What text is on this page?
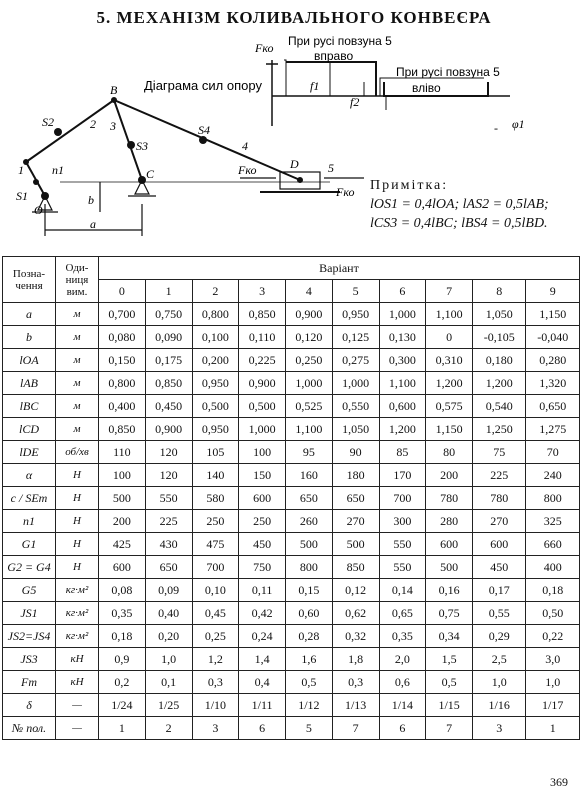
5. МЕХАНІЗМ КОЛИВАЛЬНОГО КОНВЕЄРА
Діаграма сил опору
Fко При русі повзуна 5
вправо
При русі повзуна 5
вліво
f1
f2
- φ1
B
S2	2 3
S3
S4
4
D 5
n1
S1
O
C
b
a
1	Fко
Fко Примітка:
lOS1 = 0,4lOA; lAS2 = 0,5lAB;
lCS3 = 0,4lBC; lBS4 = 0,5lBD.
Позна-чення	Оди-ниця вим.	Варіант									
		0	1	2	3	4	5	6	7	8	9
a	м	0,700	0,750	0,800	0,850	0,900	0,950	1,000	1,100	1,050	1,150
b	м	0,080	0,090	0,100	0,110	0,120	0,125	0,130	0	-0,105	-0,040
lOA	м	0,150	0,175	0,200	0,225	0,250	0,275	0,300	0,310	0,180	0,280
lAB	м	0,800	0,850	0,950	0,900	1,000	1,000	1,100	1,200	1,200	1,320
lBC	м	0,400	0,450	0,500	0,500	0,525	0,550	0,600	0,575	0,540	0,650
lCD	м	0,850	0,900	0,950	1,000	1,100	1,050	1,200	1,150	1,250	1,275
lDE	об/хв	110	120	105	100	95	90	85	80	75	70
α	Н	100	120	140	150	160	180	170	200	225	240
c / SEm	Н	500	550	580	600	650	650	700	780	780	800
n1	Н	200	225	250	250	260	270	300	280	270	325
G1	Н	425	430	475	450	500	500	550	600	600	660
G2 = G4	Н	600	650	700	750	800	850	550	500	450	400
G5	кг·м²	0,08	0,09	0,10	0,11	0,15	0,12	0,14	0,16	0,17	0,18
JS1	кг·м²	0,35	0,40	0,45	0,42	0,60	0,62	0,65	0,75	0,55	0,50
JS2=JS4	кг·м²	0,18	0,20	0,25	0,24	0,28	0,32	0,35	0,34	0,29	0,22
JS3	кН	0,9	1,0	1,2	1,4	1,6	1,8	2,0	1,5	2,5	3,0
Fm	кН	0,2	0,1	0,3	0,4	0,5	0,3	0,6	0,5	1,0	1,0
δ	—	1/24	1/25	1/10	1/11	1/12	1/13	1/14	1/15	1/16	1/17
№ пол.	—	1	2	3	6	5	7	6	7	3	1
369
